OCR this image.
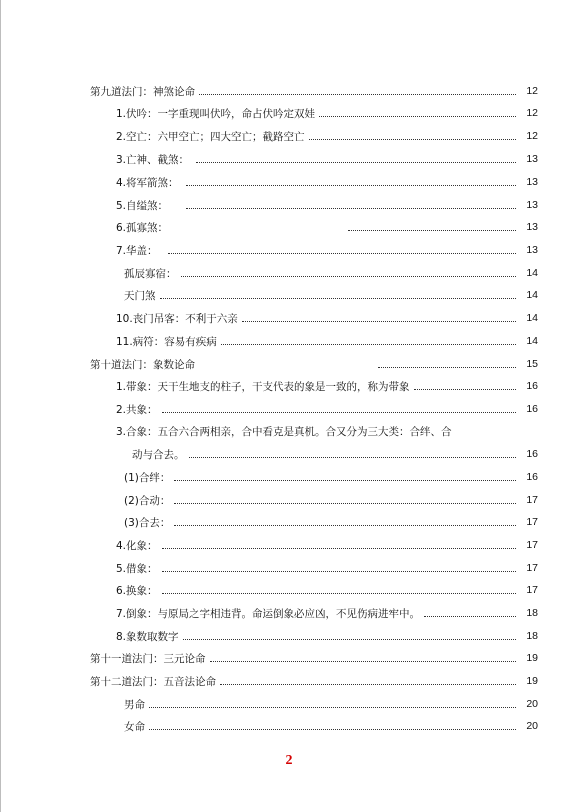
第九道法门：神煞论命	12
1.伏吟：一字重现叫伏吟，命占伏吟定双娃	12
2.空亡：六甲空亡；四大空亡；截路空亡	12
3.亡神、截煞：	13
4.将军箭煞：	13
5.自缢煞：	13
6.孤寡煞：	13
7.华盖：	13
孤辰寡宿：	14
天门煞	14
10.丧门吊客：不利于六亲	14
11.病符：容易有疾病	14
第十道法门：象数论命	15
1.带象：天干生地支的柱子，干支代表的象是一致的，称为带象	16
2.共象：	16
3.合象：五合六合两相亲，合中看克是真机。合又分为三大类：合绊、合
动与合去。	16
(1)合绊：	16
(2)合动：	17
(3)合去：	17
4.化象：	17
5.借象：	17
6.换象：	17
7.倒象：与原局之字相违背。命运倒象必应凶，不见伤病进牢中。	18
8.象数取数字	18
第十一道法门：三元论命	19
第十二道法门：五音法论命	19
男命	20
女命	20
2
